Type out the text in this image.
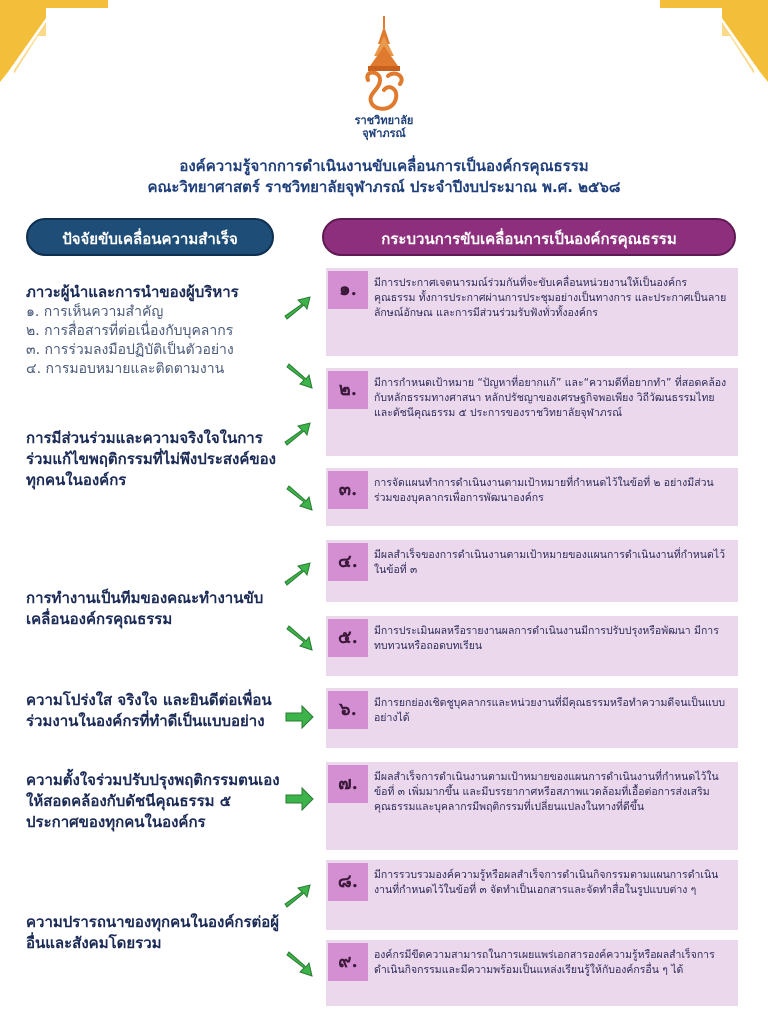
ราชวิทยาลัย
จุฬาภรณ์
องค์ความรู้จากการดำเนินงานขับเคลื่อนการเป็นองค์กรคุณธรรม
คณะวิทยาศาสตร์ ราชวิทยาลัยจุฬาภรณ์ ประจำปีงบประมาณ พ.ศ. ๒๕๖๘
ปัจจัยขับเคลื่อนความสำเร็จ	กระบวนการขับเคลื่อนการเป็นองค์กรคุณธรรม
ภาวะผู้นำและการนำของผู้บริหาร
๑. การเห็นความสำคัญ
๒. การสื่อสารที่ต่อเนื่องกับบุคลากร
๓. การร่วมลงมือปฏิบัติเป็นตัวอย่าง
๔. การมอบหมายและติดตามงาน
การมีส่วนร่วมและความจริงใจในการร่วมแก้ไขพฤติกรรมที่ไม่พึงประสงค์ของทุกคนในองค์กร
การทำงานเป็นทีมของคณะทำงานขับเคลื่อนองค์กรคุณธรรม
ความโปร่งใส จริงใจ และยินดีต่อเพื่อนร่วมงานในองค์กรที่ทำดีเป็นแบบอย่าง
ความตั้งใจร่วมปรับปรุงพฤติกรรมตนเองให้สอดคล้องกับดัชนีคุณธรรม ๕ ประกาศของทุกคนในองค์กร
ความปรารถนาของทุกคนในองค์กรต่อผู้อื่นและสังคมโดยรวม
๑.	มีการประกาศเจตนารมณ์ร่วมกันที่จะขับเคลื่อนหน่วยงานให้เป็นองค์กรคุณธรรม ทั้งการประกาศผ่านการประชุมอย่างเป็นทางการ และประกาศเป็นลายลักษณ์อักษณ และการมีส่วนร่วมรับฟังทั่วทั้งองค์กร
๒.	มีการกำหนดเป้าหมาย “ปัญหาที่อยากแก้” และ“ความดีที่อยากทำ” ที่สอดคล้องกับหลักธรรมทางศาสนา หลักปรัชญาของเศรษฐกิจพอเพียง วิถีวัฒนธรรมไทย และดัชนีคุณธรรม ๕ ประการของราชวิทยาลัยจุฬาภรณ์
๓.	การจัดแผนทำการดำเนินงานตามเป้าหมายที่กำหนดไว้ในข้อที่ ๒ อย่างมีส่วนร่วมของบุคลากรเพื่อการพัฒนาองค์กร
๔.	มีผลสำเร็จของการดำเนินงานตามเป้าหมายของแผนการดำเนินงานที่กำหนดไว้ในข้อที่ ๓
๕.	มีการประเมินผลหรือรายงานผลการดำเนินงานมีการปรับปรุงหรือพัฒนา มีการทบทวนหรือถอดบทเรียน
๖.	มีการยกย่องเชิดชูบุคลากรและหน่วยงานที่มีคุณธรรมหรือทำความดีจนเป็นแบบอย่างได้
๗.	มีผลสำเร็จการดำเนินงานตามเป้าหมายของแผนการดำเนินงานที่กำหนดไว้ในข้อที่ ๓ เพิ่มมากขึ้น และมีบรรยากาศหรือสภาพแวดล้อมที่เอื้อต่อการส่งเสริมคุณธรรมและบุคลากรมีพฤติกรรมที่เปลี่ยนแปลงในทางที่ดีขึ้น
๘.	มีการรวบรวมองค์ความรู้หรือผลสำเร็จการดำเนินกิจกรรมตามแผนการดำเนินงานที่กำหนดไว้ในข้อที่ ๓ จัดทำเป็นเอกสารและจัดทำสื่อในรูปแบบต่าง ๆ
๙.	องค์กรมีขีดความสามารถในการเผยแพร่เอกสารองค์ความรู้หรือผลสำเร็จการดำเนินกิจกรรมและมีความพร้อมเป็นแหล่งเรียนรู้ให้กับองค์กรอื่น ๆ ได้
